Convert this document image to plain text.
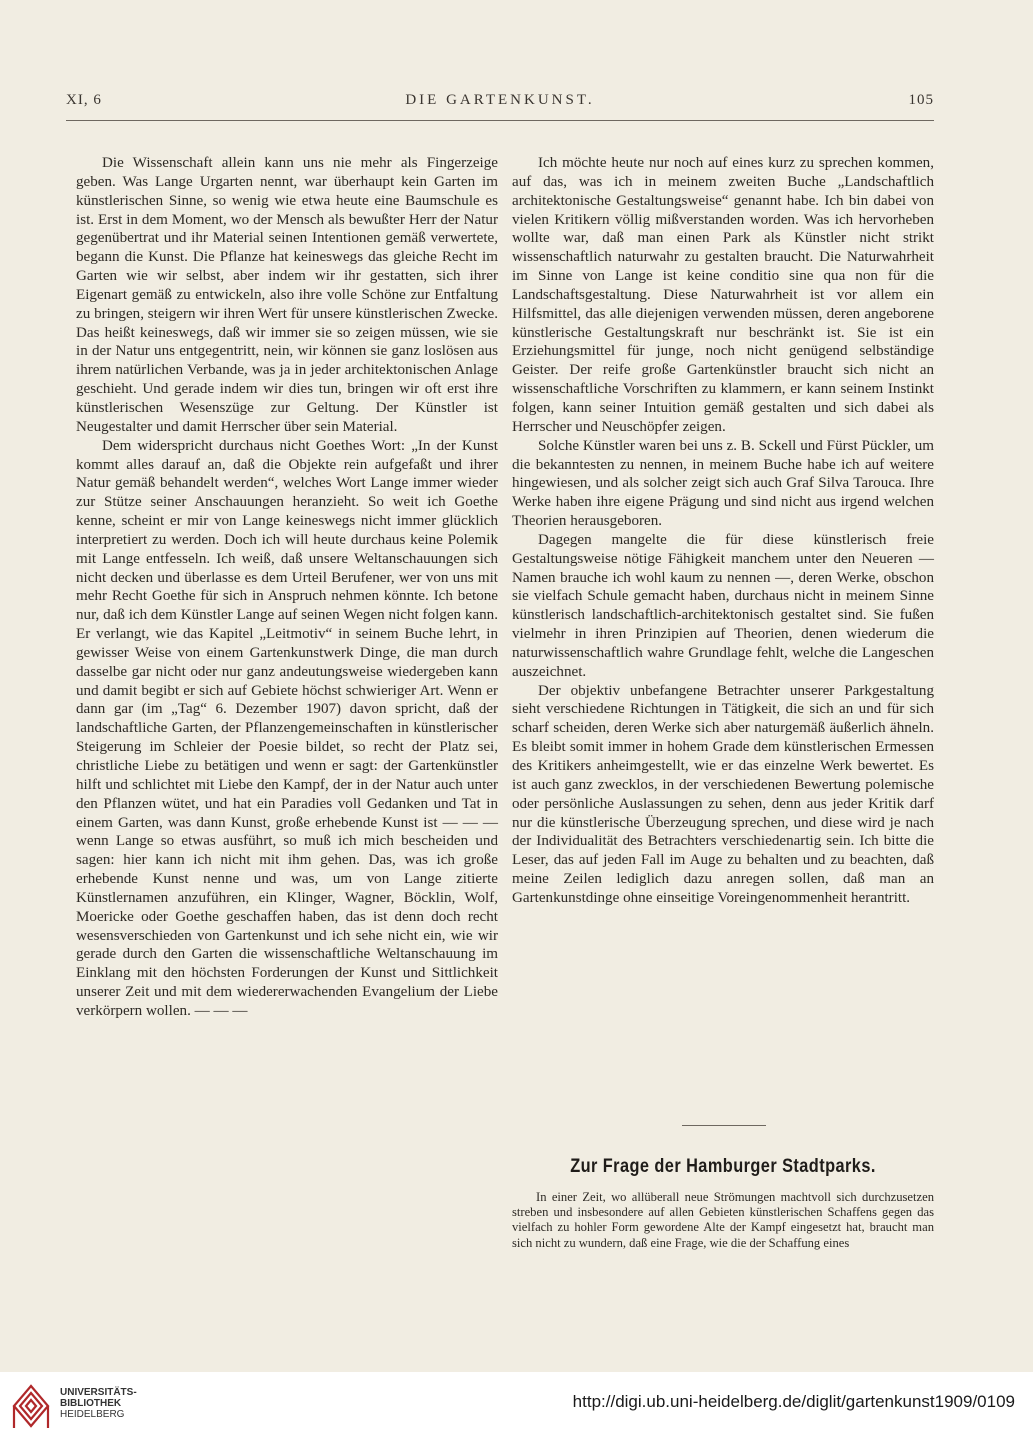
XI, 6	DIE GARTENKUNST.	105

Die Wissenschaft allein kann uns nie mehr als Fingerzeige geben. Was Lange Urgarten nennt, war überhaupt kein Garten im künstlerischen Sinne, so wenig wie etwa heute eine Baumschule es ist. Erst in dem Moment, wo der Mensch als bewußter Herr der Natur gegenübertrat und ihr Material seinen Intentionen gemäß verwertete, begann die Kunst. Die Pflanze hat keineswegs das gleiche Recht im Garten wie wir selbst, aber indem wir ihr gestatten, sich ihrer Eigenart gemäß zu entwickeln, also ihre volle Schöne zur Entfaltung zu bringen, steigern wir ihren Wert für unsere künstlerischen Zwecke. Das heißt keineswegs, daß wir immer sie so zeigen müssen, wie sie in der Natur uns entgegentritt, nein, wir können sie ganz loslösen aus ihrem natürlichen Verbande, was ja in jeder architektonischen Anlage geschieht. Und gerade indem wir dies tun, bringen wir oft erst ihre künstlerischen Wesenszüge zur Geltung. Der Künstler ist Neugestalter und damit Herrscher über sein Material.

Dem widerspricht durchaus nicht Goethes Wort: „In der Kunst kommt alles darauf an, daß die Objekte rein aufgefaßt und ihrer Natur gemäß behandelt werden“, welches Wort Lange immer wieder zur Stütze seiner Anschauungen heranzieht. So weit ich Goethe kenne, scheint er mir von Lange keineswegs nicht immer glücklich interpretiert zu werden. Doch ich will heute durchaus keine Polemik mit Lange entfesseln. Ich weiß, daß unsere Weltanschauungen sich nicht decken und überlasse es dem Urteil Berufener, wer von uns mit mehr Recht Goethe für sich in Anspruch nehmen könnte. Ich betone nur, daß ich dem Künstler Lange auf seinen Wegen nicht folgen kann. Er verlangt, wie das Kapitel „Leitmotiv“ in seinem Buche lehrt, in gewisser Weise von einem Gartenkunstwerk Dinge, die man durch dasselbe gar nicht oder nur ganz andeutungsweise wiedergeben kann und damit begibt er sich auf Gebiete höchst schwieriger Art. Wenn er dann gar (im „Tag“ 6. Dezember 1907) davon spricht, daß der landschaftliche Garten, der Pflanzengemeinschaften in künstlerischer Steigerung im Schleier der Poesie bildet, so recht der Platz sei, christliche Liebe zu betätigen und wenn er sagt: der Gartenkünstler hilft und schlichtet mit Liebe den Kampf, der in der Natur auch unter den Pflanzen wütet, und hat ein Paradies voll Gedanken und Tat in einem Garten, was dann Kunst, große erhebende Kunst ist — — — wenn Lange so etwas ausführt, so muß ich mich bescheiden und sagen: hier kann ich nicht mit ihm gehen. Das, was ich große erhebende Kunst nenne und was, um von Lange zitierte Künstlernamen anzuführen, ein Klinger, Wagner, Böcklin, Wolf, Moericke oder Goethe geschaffen haben, das ist denn doch recht wesensverschieden von Gartenkunst und ich sehe nicht ein, wie wir gerade durch den Garten die wissenschaftliche Weltanschauung im Einklang mit den höchsten Forderungen der Kunst und Sittlichkeit unserer Zeit und mit dem wiedererwachenden Evangelium der Liebe verkörpern wollen. — — —

Ich möchte heute nur noch auf eines kurz zu sprechen kommen, auf das, was ich in meinem zweiten Buche „Landschaftlich architektonische Gestaltungsweise“ genannt habe. Ich bin dabei von vielen Kritikern völlig mißverstanden worden. Was ich hervorheben wollte war, daß man einen Park als Künstler nicht strikt wissenschaftlich naturwahr zu gestalten braucht. Die Naturwahrheit im Sinne von Lange ist keine conditio sine qua non für die Landschaftsgestaltung. Diese Naturwahrheit ist vor allem ein Hilfsmittel, das alle diejenigen verwenden müssen, deren angeborene künstlerische Gestaltungskraft nur beschränkt ist. Sie ist ein Erziehungsmittel für junge, noch nicht genügend selbständige Geister. Der reife große Gartenkünstler braucht sich nicht an wissenschaftliche Vorschriften zu klammern, er kann seinem Instinkt folgen, kann seiner Intuition gemäß gestalten und sich dabei als Herrscher und Neuschöpfer zeigen.

Solche Künstler waren bei uns z. B. Sckell und Fürst Pückler, um die bekanntesten zu nennen, in meinem Buche habe ich auf weitere hingewiesen, und als solcher zeigt sich auch Graf Silva Tarouca. Ihre Werke haben ihre eigene Prägung und sind nicht aus irgend welchen Theorien herausgeboren.

Dagegen mangelte die für diese künstlerisch freie Gestaltungsweise nötige Fähigkeit manchem unter den Neueren — Namen brauche ich wohl kaum zu nennen —, deren Werke, obschon sie vielfach Schule gemacht haben, durchaus nicht in meinem Sinne künstlerisch landschaftlich-architektonisch gestaltet sind. Sie fußen vielmehr in ihren Prinzipien auf Theorien, denen wiederum die naturwissenschaftlich wahre Grundlage fehlt, welche die Langeschen auszeichnet.

Der objektiv unbefangene Betrachter unserer Parkgestaltung sieht verschiedene Richtungen in Tätigkeit, die sich an und für sich scharf scheiden, deren Werke sich aber naturgemäß äußerlich ähneln. Es bleibt somit immer in hohem Grade dem künstlerischen Ermessen des Kritikers anheimgestellt, wie er das einzelne Werk bewertet. Es ist auch ganz zwecklos, in der verschiedenen Bewertung polemische oder persönliche Auslassungen zu sehen, denn aus jeder Kritik darf nur die künstlerische Überzeugung sprechen, und diese wird je nach der Individualität des Betrachters verschiedenartig sein. Ich bitte die Leser, das auf jeden Fall im Auge zu behalten und zu beachten, daß meine Zeilen lediglich dazu anregen sollen, daß man an Gartenkunstdinge ohne einseitige Voreingenommenheit herantritt.

Zur Frage der Hamburger Stadtparks.

In einer Zeit, wo allüberall neue Strömungen machtvoll sich durchzusetzen streben und insbesondere auf allen Gebieten künstlerischen Schaffens gegen das vielfach zu hohler Form gewordene Alte der Kampf eingesetzt hat, braucht man sich nicht zu wundern, daß eine Frage, wie die der Schaffung eines

UNIVERSITÄTS-
BIBLIOTHEK
HEIDELBERG
http://digi.ub.uni-heidelberg.de/diglit/gartenkunst1909/0109
